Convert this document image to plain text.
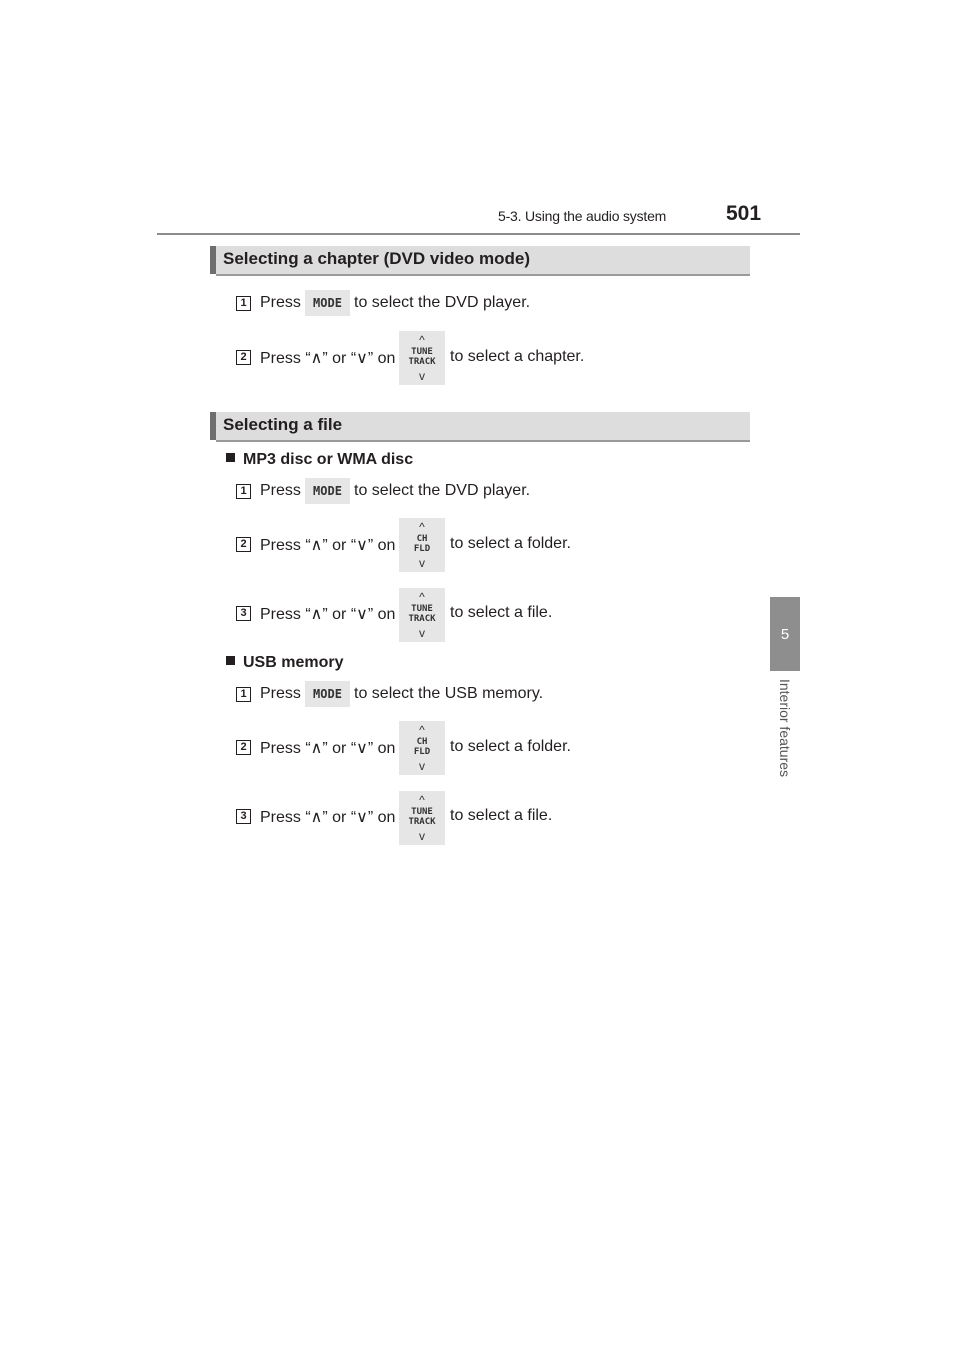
5-3. Using the audio system	501
5
Interior features
Selecting a chapter (DVD video mode)
1 Press	MODE to select the DVD player.
2 Press “∧” or “∨” on
^
TUNE
TRACK
v
to select a chapter.
Selecting a file
MP3 disc or WMA disc
1 Press	MODE to select the DVD player.
2 Press “∧” or “∨” on
^
CH
FLD
v
to select a folder.
3 Press “∧” or “∨” on
^
TUNE
TRACK
v
to select a file.
USB memory
1 Press	MODE to select the USB memory.
2 Press “∧” or “∨” on
^
CH
FLD
v
to select a folder.
3 Press “∧” or “∨” on
^
TUNE
TRACK
v
to select a file.
